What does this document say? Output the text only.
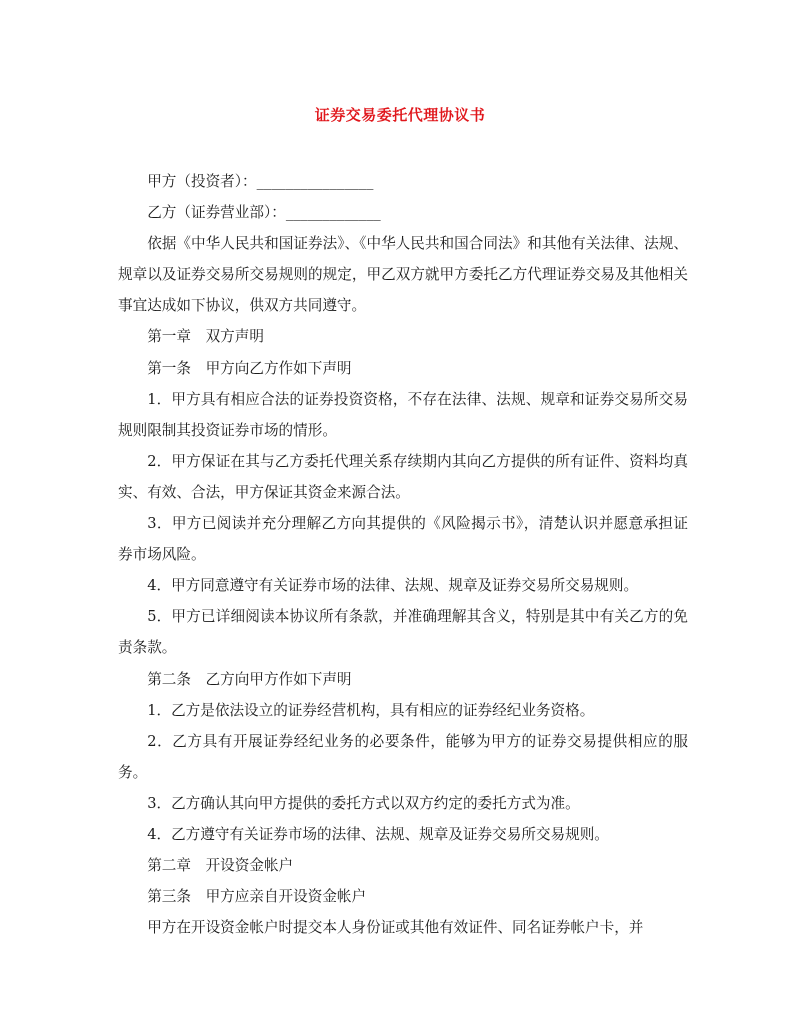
证券交易委托代理协议书

甲方（投资者）：________________

乙方（证券营业部）：_____________

依据《中华人民共和国证券法》、《中华人民共和国合同法》和其他有关法律、法规、规章以及证券交易所交易规则的规定，甲乙双方就甲方委托乙方代理证券交易及其他相关事宜达成如下协议，供双方共同遵守。

第一章　双方声明

第一条　甲方向乙方作如下声明

1．甲方具有相应合法的证券投资资格，不存在法律、法规、规章和证券交易所交易规则限制其投资证券市场的情形。

2．甲方保证在其与乙方委托代理关系存续期内其向乙方提供的所有证件、资料均真实、有效、合法，甲方保证其资金来源合法。

3．甲方已阅读并充分理解乙方向其提供的《风险揭示书》，清楚认识并愿意承担证券市场风险。

4．甲方同意遵守有关证券市场的法律、法规、规章及证券交易所交易规则。

5．甲方已详细阅读本协议所有条款，并准确理解其含义，特别是其中有关乙方的免责条款。

第二条　乙方向甲方作如下声明

1．乙方是依法设立的证券经营机构，具有相应的证券经纪业务资格。

2．乙方具有开展证券经纪业务的必要条件，能够为甲方的证券交易提供相应的服务。

3．乙方确认其向甲方提供的委托方式以双方约定的委托方式为准。

4．乙方遵守有关证券市场的法律、法规、规章及证券交易所交易规则。

第二章　开设资金帐户

第三条　甲方应亲自开设资金帐户

甲方在开设资金帐户时提交本人身份证或其他有效证件、同名证券帐户卡，并
